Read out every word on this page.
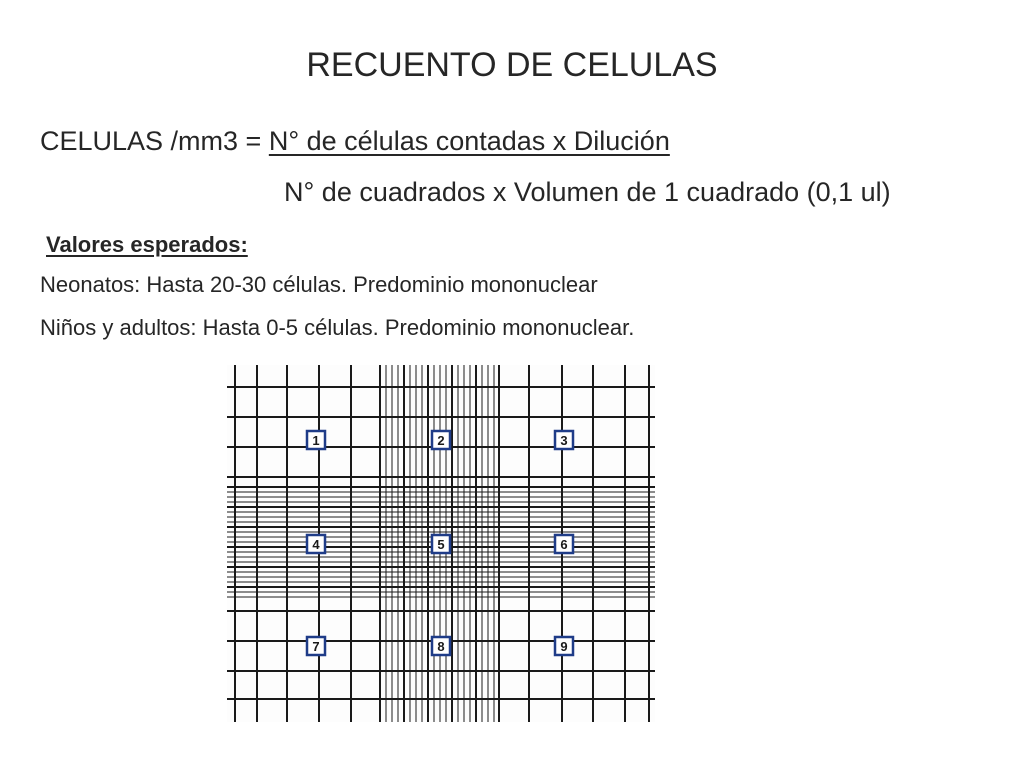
RECUENTO DE CELULAS
CELULAS /mm3 = N° de células contadas x Dilución
N° de cuadrados x Volumen de 1 cuadrado (0,1 ul)
Valores esperados:
Neonatos: Hasta 20-30 células. Predominio mononuclear
Niños y adultos: Hasta 0-5 células. Predominio mononuclear.
1	2	3
4	5	6
7	8	9
